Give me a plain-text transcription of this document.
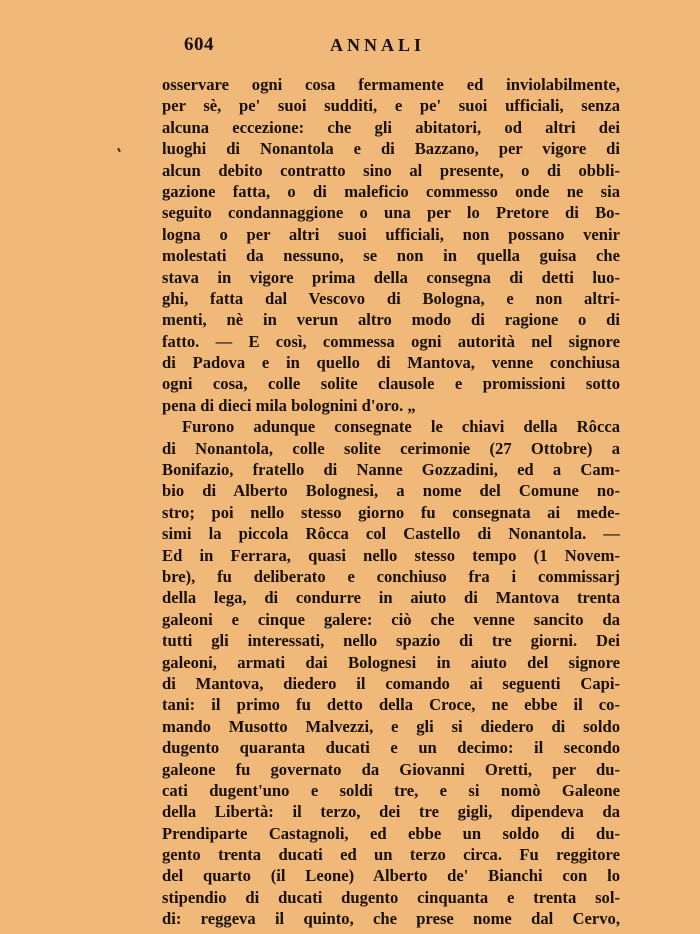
604	ANNALI
osservare ogni cosa fermamente ed inviolabilmente,
per sè, pe' suoi sudditi, e pe' suoi ufficiali, senza
alcuna eccezione: che gli abitatori, od altri dei
luoghi di Nonantola e di Bazzano, per vigore di
alcun debito contratto sino al presente, o di obbli-
gazione fatta, o di maleficio commesso onde ne sia
seguito condannaggione o una per lo Pretore di Bo-
logna o per altri suoi ufficiali, non possano venir
molestati da nessuno, se non in quella guisa che
stava in vigore prima della consegna di detti luo-
ghi, fatta dal Vescovo di Bologna, e non altri-
menti, nè in verun altro modo di ragione o di
fatto. — E così, commessa ogni autorità nel signore
di Padova e in quello di Mantova, venne conchiusa
ogni cosa, colle solite clausole e promissioni sotto
pena di dieci mila bolognini d'oro. „
Furono adunque consegnate le chiavi della Rôcca
di Nonantola, colle solite cerimonie (27 Ottobre) a
Bonifazio, fratello di Nanne Gozzadini, ed a Cam-
bio di Alberto Bolognesi, a nome del Comune no-
stro; poi nello stesso giorno fu consegnata ai mede-
simi la piccola Rôcca col Castello di Nonantola. —
Ed in Ferrara, quasi nello stesso tempo (1 Novem-
bre), fu deliberato e conchiuso fra i commissarj
della lega, di condurre in aiuto di Mantova trenta
galeoni e cinque galere: ciò che venne sancito da
tutti gli interessati, nello spazio di tre giorni. Dei
galeoni, armati dai Bolognesi in aiuto del signore
di Mantova, diedero il comando ai seguenti Capi-
tani: il primo fu detto della Croce, ne ebbe il co-
mando Musotto Malvezzi, e gli si diedero di soldo
dugento quaranta ducati e un decimo: il secondo
galeone fu governato da Giovanni Oretti, per du-
cati dugent'uno e soldi tre, e si nomò Galeone
della Libertà: il terzo, dei tre gigli, dipendeva da
Prendiparte Castagnoli, ed ebbe un soldo di du-
gento trenta ducati ed un terzo circa. Fu reggitore
del quarto (il Leone) Alberto de' Bianchi con lo
stipendio di ducati dugento cinquanta e trenta sol-
di: reggeva il quinto, che prese nome dal Cervo,
